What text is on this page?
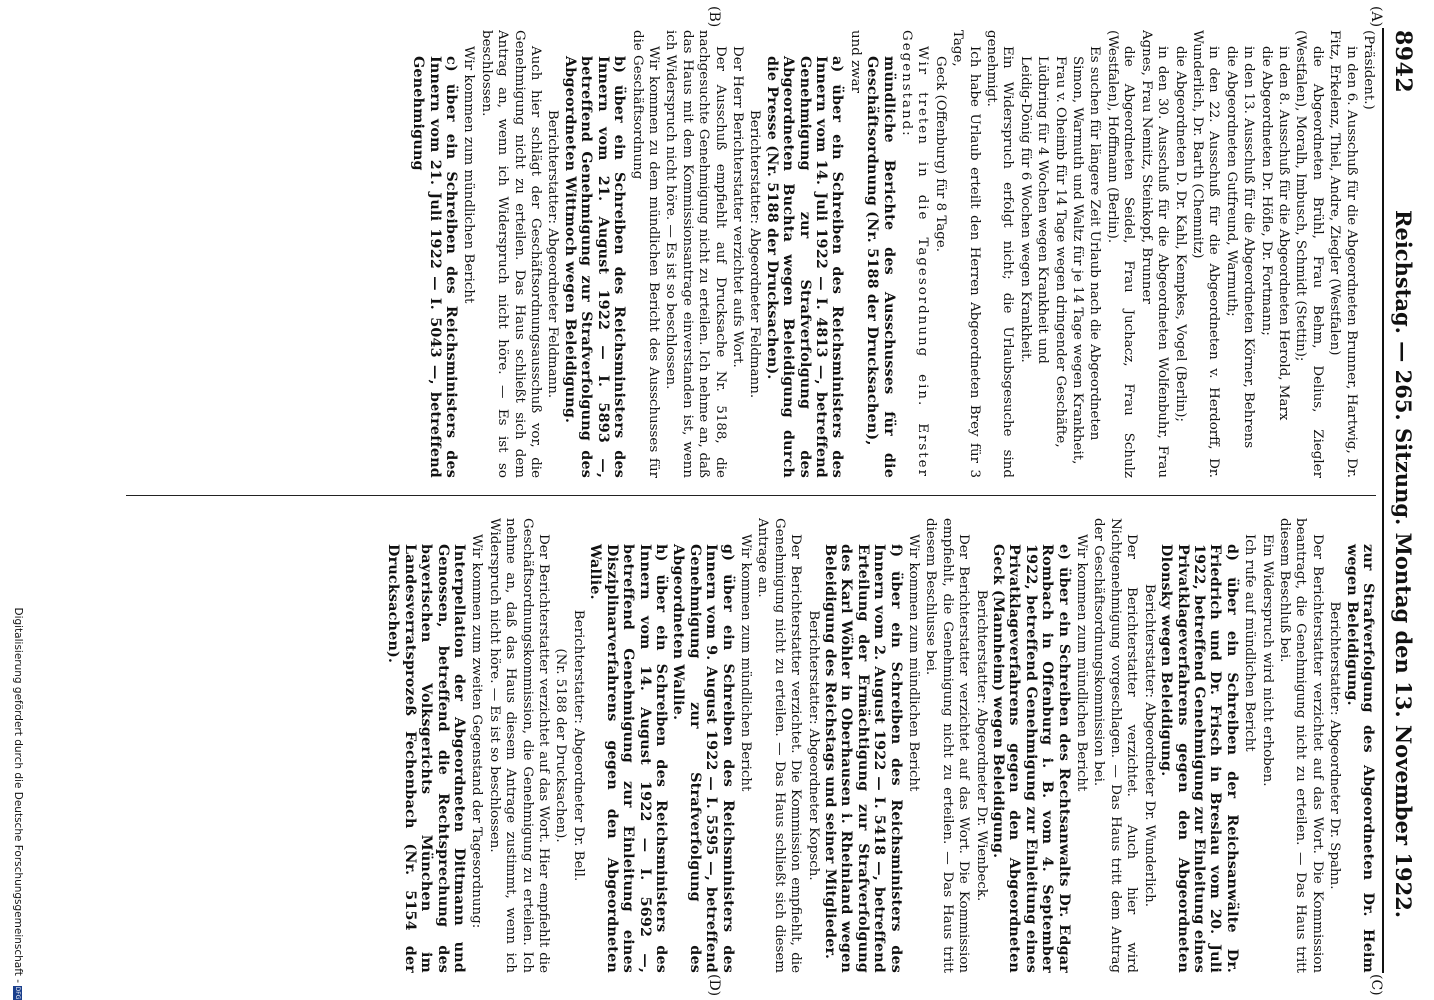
8942
Reichstag. — 265. Sitzung. Montag den 13. November 1922.
(A)
(B)
(C)
(D)

(Präsident.)

in den 6. Ausschuß für die Abgeordneten Brunner, Hartwig, Dr. Fitz, Erkelenz, Thiel, Andre, Ziegler (Westfalen)

die Abgeordneten Brühl, Frau Behm, Delius, Ziegler (Westfalen), Moralh, Imbusch, Schmidt (Stettin);

in den 8. Ausschuß für die Abgeordneten Herold, Marx

die Abgeordneten Dr. Höfle, Dr. Fortmann;

in den 13. Ausschuß für die Abgeordneten Körner, Behrens

die Abgeordneten Gutfreund, Warmuth;

in den 22. Ausschuß für die Abgeordneten v. Herdorff, Dr. Wunderlich, Dr. Barth (Chemnitz)

die Abgeordneten D. Dr. Kahl, Kempkes, Vogel (Berlin);

in den 30. Ausschuß für die Abgeordneten Wolfenbuhr, Frau Agnes, Frau Nemitz, Steinkopf, Brunner

die Abgeordneten Seidel, Frau Juchacz, Frau Schulz (Westfalen), Hoffmann (Berlin).

Es suchen für längere Zeit Urlaub nach die Abgeordneten

Simon, Warmuth und Waltz für je 14 Tage wegen Krankheit,

Frau v. Oheimb für 14 Tage wegen dringender Geschäfte,

Lüdbring für 4 Wochen wegen Krankheit und

Leidig-Dönig für 6 Wochen wegen Krankheit.

Ein Widerspruch erfolgt nicht; die Urlaubsgesuche sind genehmigt.

Ich habe Urlaub erteilt den Herren Abgeordneten Brey für 3 Tage,

Geck (Offenburg) für 8 Tage.

Wir treten in die Tagesordnung ein. Erster Gegenstand:

mündliche Berichte des Ausschusses für die Geschäftsordnung (Nr. 5188 der Drucksachen),

und zwar

a) über ein Schreiben des Reichsministers des Innern vom 14. Juli 1922 — I. 4813 —, betreffend Genehmigung zur Strafverfolgung des Abgeordneten Buchta wegen Beleidigung durch die Presse (Nr. 5188 der Drucksachen).

Berichterstatter: Abgeordneter Feldmann.

Der Herr Berichterstatter verzichtet aufs Wort.

Der Ausschuß empfiehlt auf Drucksache Nr. 5188, die nachgesuchte Genehmigung nicht zu erteilen. Ich nehme an, daß das Haus mit dem Kommissionsantrage einverstanden ist, wenn ich Widerspruch nicht höre. — Es ist so beschlossen.

Wir kommen zu dem mündlichen Bericht des Ausschusses für die Geschäftsordnung

b) über ein Schreiben des Reichsministers des Innern vom 21. August 1922 — I. 5893 —, betreffend Genehmigung zur Strafverfolgung des Abgeordneten Wittmoch wegen Beleidigung.

Berichterstatter: Abgeordneter Feldmann.

Auch hier schlägt der Geschäftsordnungsausschuß vor, die Genehmigung nicht zu erteilen. Das Haus schließt sich dem Antrag an, wenn ich Widerspruch nicht höre. — Es ist so beschlossen.

Wir kommen zum mündlichen Bericht

c) über ein Schreiben des Reichsministers des Innern vom 21. Juli 1922 — I. 5043 —, betreffend Genehmigung

zur Strafverfolgung des Abgeordneten Dr. Heim wegen Beleidigung.

Berichterstatter: Abgeordneter Dr. Spahn.

Der Berichterstatter verzichtet auf das Wort. Die Kommission beantragt, die Genehmigung nicht zu erteilen. — Das Haus tritt diesem Beschluß bei.

Ein Widerspruch wird nicht erhoben.

Ich rufe auf mündlichen Bericht

d) über ein Schreiben der Reichsanwälte Dr. Friedrich und Dr. Frisch in Breslau vom 20. Juli 1922, betreffend Genehmigung zur Einleitung eines Privatklageverfahrens gegen den Abgeordneten Dlonsky wegen Beleidigung.

Berichterstatter: Abgeordneter Dr. Wunderlich.

Der Berichterstatter verzichtet. Auch hier wird Nichtgenehmigung vorgeschlagen. — Das Haus tritt dem Antrag der Geschäftsordnungskommission bei.

Wir kommen zum mündlichen Bericht

e) über ein Schreiben des Rechtsanwalts Dr. Edgar Rombach in Offenburg i. B. vom 4. September 1922, betreffend Genehmigung zur Einleitung eines Privatklageverfahrens gegen den Abgeordneten Geck (Mannheim) wegen Beleidigung.

Berichterstatter: Abgeordneter Dr. Wienbeck.

Der Berichterstatter verzichtet auf das Wort. Die Kommission empfiehlt, die Genehmigung nicht zu erteilen. — Das Haus tritt diesem Beschlusse bei.

Wir kommen zum mündlichen Bericht

f) über ein Schreiben des Reichsministers des Innern vom 2. August 1922 — I. 5418 —, betreffend Erteilung der Ermächtigung zur Strafverfolgung des Karl Wöhler in Oberhausen i. Rheinland wegen Beleidigung des Reichstags und seiner Mitglieder.

Berichterstatter: Abgeordneter Kopsch.

Der Berichterstatter verzichtet. Die Kommission empfiehlt, die Genehmigung nicht zu erteilen. — Das Haus schließt sich diesem Antrage an.

Wir kommen zum mündlichen Bericht

g) über ein Schreiben des Reichsministers des Innern vom 9. August 1922 — I. 5595 —, betreffend Genehmigung zur Strafverfolgung des Abgeordneten Wallie.

h) über ein Schreiben des Reichsministers des Innern vom 14. August 1922 — I. 5692 —, betreffend Genehmigung zur Einleitung eines Disziplinarverfahrens gegen den Abgeordneten Wallie.

Berichterstatter: Abgeordneter Dr. Bell.

(Nr. 5188 der Drucksachen).

Der Berichterstatter verzichtet auf das Wort. Hier empfiehlt die Geschäftsordnungskommission, die Genehmigung zu erteilen. Ich nehme an, daß das Haus diesem Antrage zustimmt, wenn ich Widerspruch nicht höre. — Es ist so beschlossen.

Wir kommen zum zweiten Gegenstand der Tagesordnung:

Interpellation der Abgeordneten Dittmann und Genossen, betreffend die Rechtsprechung des bayerischen Volksgerichts München im Landesverratsprozeß Fechenbach (Nr. 5154 der Drucksachen).

Digitalisierung gefördert durch die Deutsche Forschungsgemeinschaft -DFG
